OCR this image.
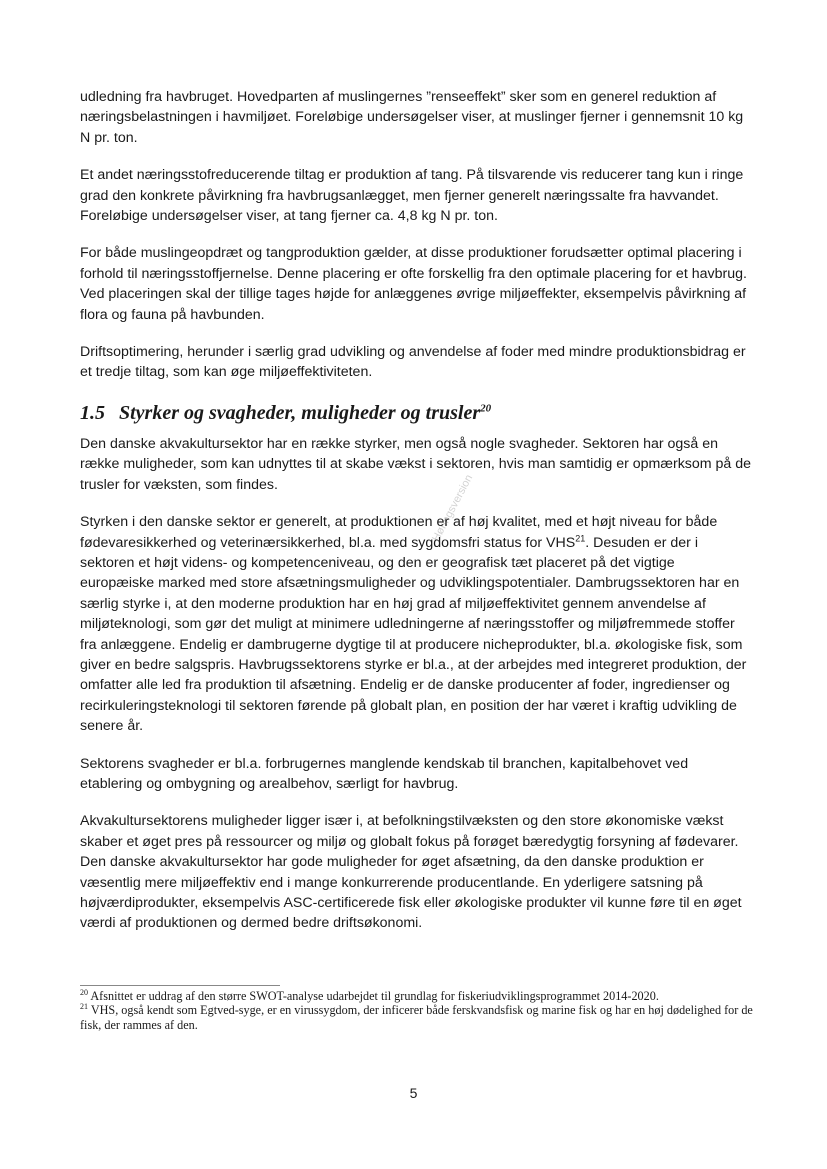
udledning fra havbruget. Hovedparten af muslingernes ”renseeffekt” sker som en generel reduktion af næringsbelastningen i havmiljøet. Foreløbige undersøgelser viser, at muslinger fjerner i gennemsnit 10 kg N pr. ton.

Et andet næringsstofreducerende tiltag er produktion af tang. På tilsvarende vis reducerer tang kun i ringe grad den konkrete påvirkning fra havbrugsanlægget, men fjerner generelt næringssalte fra havvandet. Foreløbige undersøgelser viser, at tang fjerner ca. 4,8 kg N pr. ton.

For både muslingeopdræt og tangproduktion gælder, at disse produktioner forudsætter optimal placering i forhold til næringsstoffjernelse. Denne placering er ofte forskellig fra den optimale placering for et havbrug. Ved placeringen skal der tillige tages højde for anlæggenes øvrige miljøeffekter, eksempelvis påvirkning af flora og fauna på havbunden.

Driftsoptimering, herunder i særlig grad udvikling og anvendelse af foder med mindre produktionsbidrag er et tredje tiltag, som kan øge miljøeffektiviteten.

1.5 Styrker og svagheder, muligheder og trusler$^{20}$

Den danske akvakultursektor har en række styrker, men også nogle svagheder. Sektoren har også en række muligheder, som kan udnyttes til at skabe vækst i sektoren, hvis man samtidig er opmærksom på de trusler for væksten, som findes.

Styrken i den danske sektor er generelt, at produktionen er af høj kvalitet, med et højt niveau for både fødevaresikkerhed og veterinærsikkerhed, bl.a. med sygdomsfri status for VHS$^{21}$. Desuden er der i sektoren et højt videns- og kompetenceniveau, og den er geografisk tæt placeret på det vigtige europæiske marked med store afsætningsmuligheder og udviklingspotentialer. Dambrugssektoren har en særlig styrke i, at den moderne produktion har en høj grad af miljøeffektivitet gennem anvendelse af miljøteknologi, som gør det muligt at minimere udledningerne af næringsstoffer og miljøfremmede stoffer fra anlæggene. Endelig er dambrugerne dygtige til at producere nicheprodukter, bl.a. økologiske fisk, som giver en bedre salgspris. Havbrugssektorens styrke er bl.a., at der arbejdes med integreret produktion, der omfatter alle led fra produktion til afsætning. Endelig er de danske producenter af foder, ingredienser og recirkuleringsteknologi til sektoren førende på globalt plan, en position der har været i kraftig udvikling de senere år.

Sektorens svagheder er bl.a. forbrugernes manglende kendskab til branchen, kapitalbehovet ved etablering og ombygning og arealbehov, særligt for havbrug.

Akvakultursektorens muligheder ligger især i, at befolkningstilvæksten og den store økonomiske vækst skaber et øget pres på ressourcer og miljø og globalt fokus på forøget bæredygtig forsyning af fødevarer. Den danske akvakultursektor har gode muligheder for øget afsætning, da den danske produktion er væsentlig mere miljøeffektiv end i mange konkurrerende producentlande. En yderligere satsning på højværdiprodukter, eksempelvis ASC-certificerede fisk eller økologiske produkter vil kunne føre til en øget værdi af produktionen og dermed bedre driftsøkonomi.

Høringsversion
$^{20}$ Afsnittet er uddrag af den større SWOT-analyse udarbejdet til grundlag for fiskeriudviklingsprogrammet 2014-2020.
$^{21}$ VHS, også kendt som Egtved-syge, er en virussygdom, der inficerer både ferskvandsfisk og marine fisk og har en høj dødelighed for de fisk, der rammes af den.
5
